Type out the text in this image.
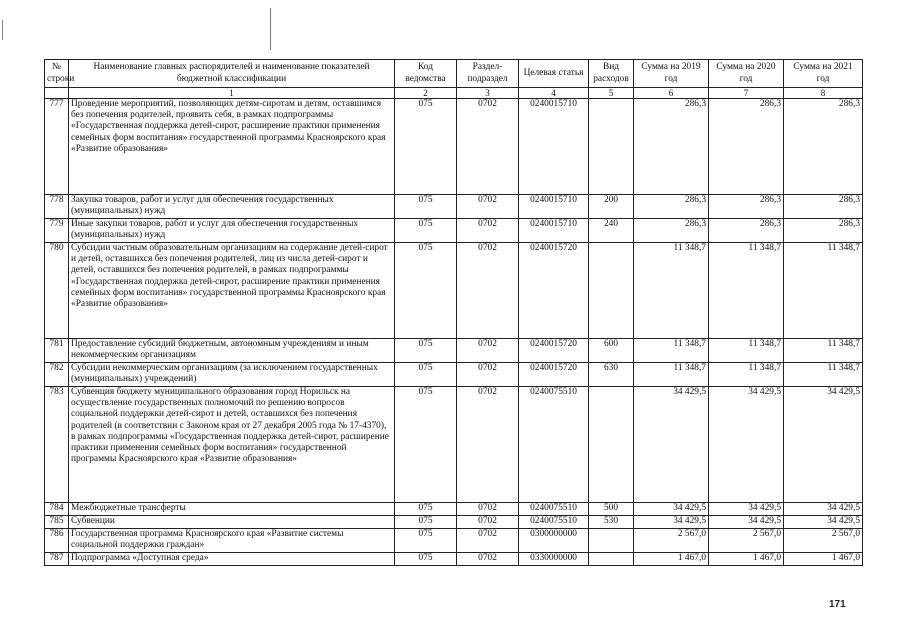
№ строки	Наименование главных распорядителей и наименование показателей бюджетной классификации	Код ведомства	Раздел-подраздел	Целевая статья	Вид расходов	Сумма на 2019 год	Сумма на 2020 год	Сумма на 2021 год
	1	2	3	4	5	6	7	8
777	Проведение мероприятий, позволяющих детям-сиротам и детям, оставшимся без попечения родителей, проявить себя, в рамках подпрограммы «Государственная поддержка детей-сирот, расширение практики применения семейных форм воспитания» государственной программы Красноярского края «Развитие образования»	075	0702	0240015710		286,3	286,3	286,3
778	Закупка товаров, работ и услуг для обеспечения государственных (муниципальных) нужд	075	0702	0240015710	200	286,3	286,3	286,3
779	Иные закупки товаров, работ и услуг для обеспечения государственных (муниципальных) нужд	075	0702	0240015710	240	286,3	286,3	286,3
780	Субсидии частным образовательным организациям на содержание детей-сирот и детей, оставшихся без попечения родителей, лиц из числа детей-сирот и детей, оставшихся без попечения родителей, в рамках подпрограммы «Государственная поддержка детей-сирот, расширение практики применения семейных форм воспитания» государственной программы Красноярского края «Развитие образования»	075	0702	0240015720		11 348,7	11 348,7	11 348,7
781	Предоставление субсидий бюджетным, автономным учреждениям и иным некоммерческим организациям	075	0702	0240015720	600	11 348,7	11 348,7	11 348,7
782	Субсидии некоммерческим организациям (за исключением государственных (муниципальных) учреждений)	075	0702	0240015720	630	11 348,7	11 348,7	11 348,7
783	Субвенция бюджету муниципального образования город Норильск на осуществление государственных полномочий по решению вопросов социальной поддержки детей-сирот и детей, оставшихся без попечения родителей (в соответствии с Законом края от 27 декабря 2005 года № 17-4370), в рамках подпрограммы «Государственная поддержка детей-сирот, расширение практики применения семейных форм воспитания» государственной программы Красноярского края «Развитие образования»	075	0702	0240075510		34 429,5	34 429,5	34 429,5
784	Межбюджетные трансферты	075	0702	0240075510	500	34 429,5	34 429,5	34 429,5
785	Субвенции	075	0702	0240075510	530	34 429,5	34 429,5	34 429,5
786	Государственная программа Красноярского края «Развитие системы социальной поддержки граждан»	075	0702	0300000000		2 567,0	2 567,0	2 567,0
787	Подпрограмма «Доступная среда»	075	0702	0330000000		1 467,0	1 467,0	1 467,0
171
